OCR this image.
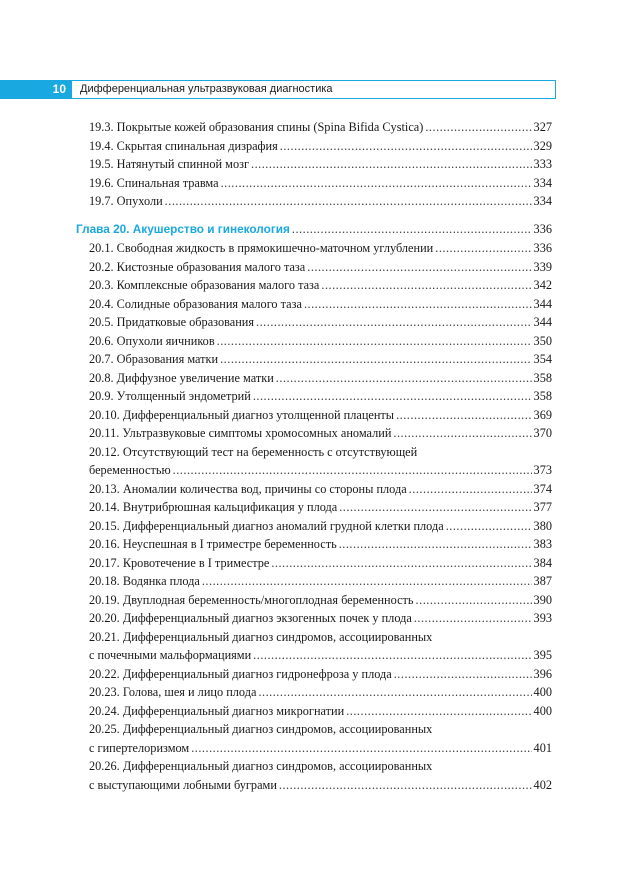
10	Дифференциальная ультразвуковая диагностика
19.3. Покрытые кожей образования спины (Spina Bifida Cystica) .....	327
19.4. Скрытая спинальная дизрафия .....	329
19.5. Натянутый спинной мозг .....	333
19.6. Спинальная травма .....	334
19.7. Опухоли .....	334
Глава 20. Акушерство и гинекология .....	336
20.1. Свободная жидкость в прямокишечно-маточном углублении .....	336
20.2. Кистозные образования малого таза .....	339
20.3. Комплексные образования малого таза .....	342
20.4. Солидные образования малого таза .....	344
20.5. Придатковые образования .....	344
20.6. Опухоли яичников .....	350
20.7. Образования матки .....	354
20.8. Диффузное увеличение матки .....	358
20.9. Утолщенный эндометрий .....	358
20.10. Дифференциальный диагноз утолщенной плаценты .....	369
20.11. Ультразвуковые симптомы хромосомных аномалий .....	370
20.12. Отсутствующий тест на беременность с отсутствующей
беременностью .....	373
20.13. Аномалии количества вод, причины со стороны плода .....	374
20.14. Внутрибрюшная кальцификация у плода .....	377
20.15. Дифференциальный диагноз аномалий грудной клетки плода .....	380
20.16. Неуспешная в I триместре беременность .....	383
20.17. Кровотечение в I триместре .....	384
20.18. Водянка плода .....	387
20.19. Двуплодная беременность/многоплодная беременность .....	390
20.20. Дифференциальный диагноз экзогенных почек у плода .....	393
20.21. Дифференциальный диагноз синдромов, ассоциированных
с почечными мальформациями .....	395
20.22. Дифференциальный диагноз гидронефроза у плода .....	396
20.23. Голова, шея и лицо плода .....	400
20.24. Дифференциальный диагноз микрогнатии .....	400
20.25. Дифференциальный диагноз синдромов, ассоциированных
с гипертелоризмом .....	401
20.26. Дифференциальный диагноз синдромов, ассоциированных
с выступающими лобными буграми .....	402
